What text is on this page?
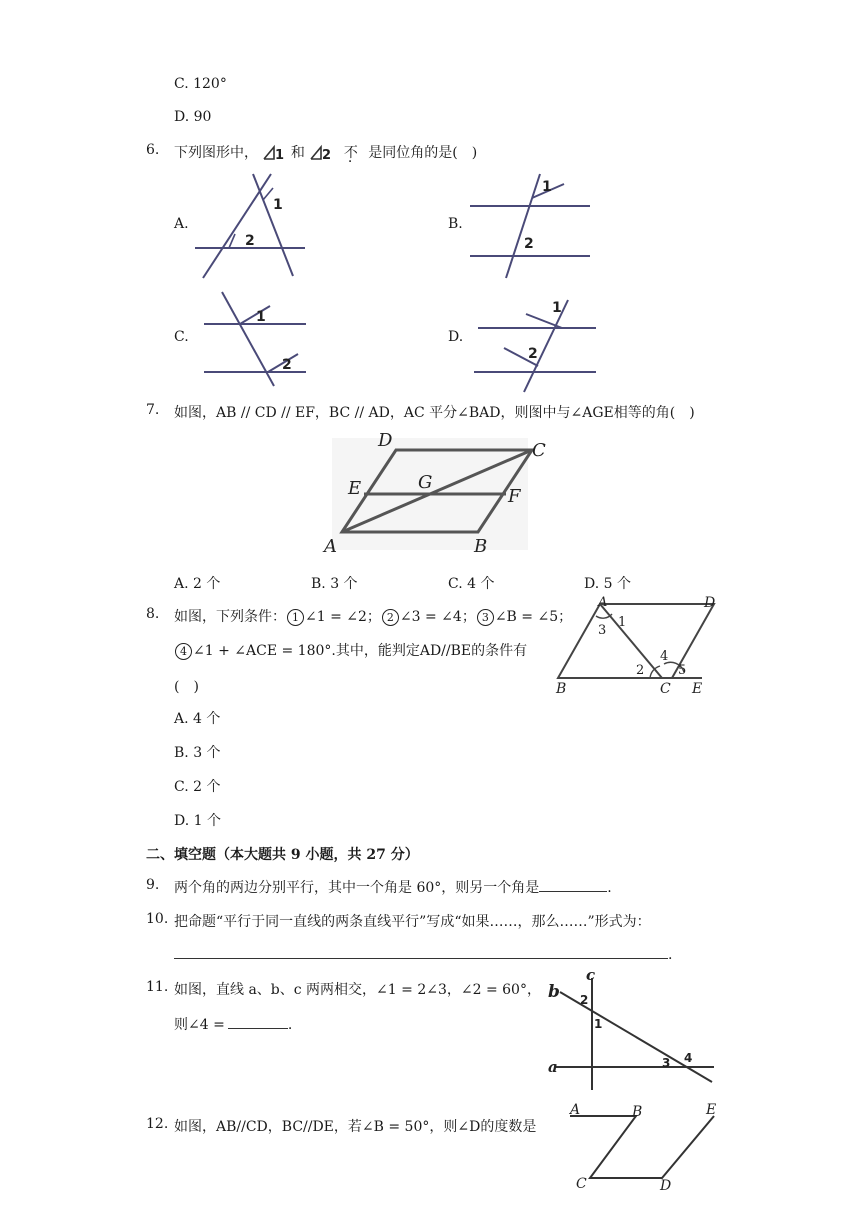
C. 120°
D. 90
6. 下列图形中， 1 和 2 不 是同位角的是(　)
A.	B.
C.	D.
1
2
1
2
1
2
1
2
7. 如图，AB // CD // EF，BC // AD，AC 平分∠BAD，则图中与∠AGE相等的角(　)
D	C
E	G
F
A	B
A. 2 个	B. 3 个	C. 4 个	D. 5 个
8. 如图，下列条件： 1 ∠1 = ∠2； 2 ∠3 = ∠4； 3 ∠B = ∠5；
4 ∠1 + ∠ACE = 180°.其中，能判定AD//BE的条件有
(　)
A. 4 个
B. 3 个
C. 2 个
D. 1 个
A	D
B	C E
1
2
3
4
5
二、填空题（本大题共 9 小题，共 27 分）
9. 两个角的两边分别平行，其中一个角是 60°，则另一个角是	.
10. 把命题“平行于同一直线的两条直线平行”写成“如果……，那么……”形式为：
.
11. 如图，直线 a、b、c 两两相交，∠1 = 2∠3，∠2 = 60°，
则∠4 =	.
c
b
a
2
1
3 4
12. 如图，AB//CD，BC//DE，若∠B = 50°，则∠D的度数是
A	B
C	D
E
